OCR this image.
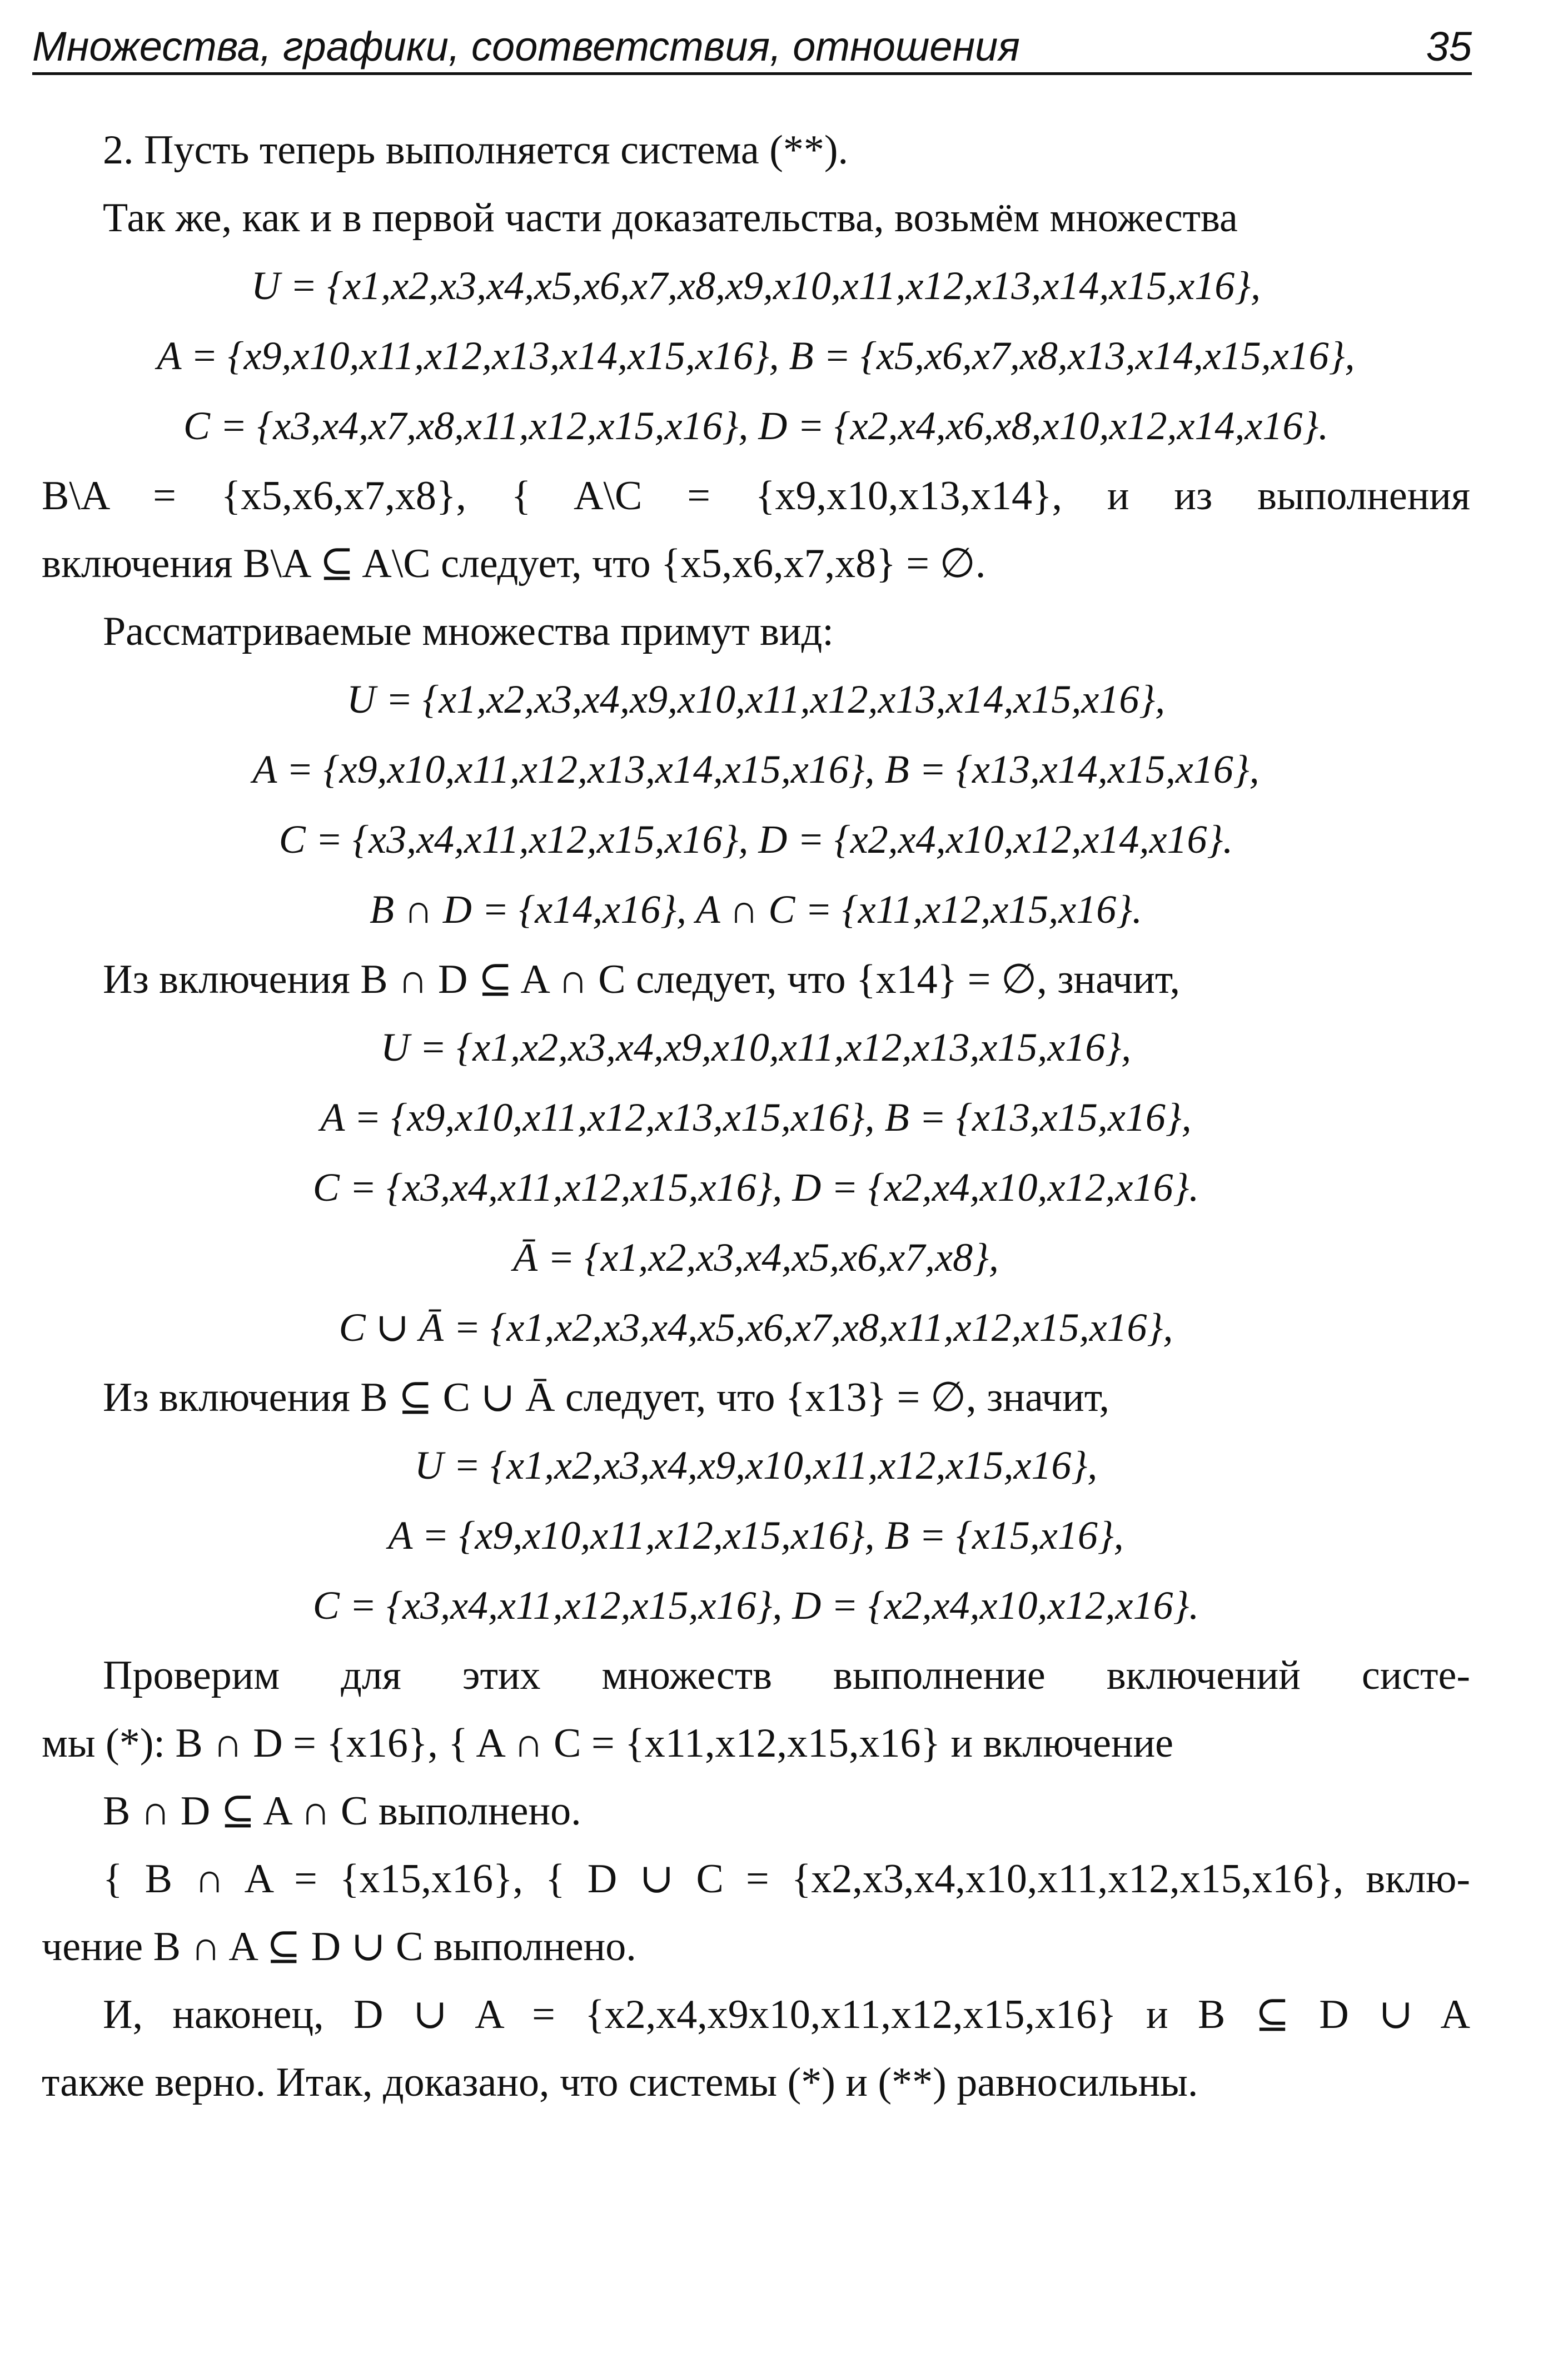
Множества, графики, соответствия, отношения	35
2. Пусть теперь выполняется система (**).
Так же, как и в первой части доказательства, возьмём множества
U = {x1,x2,x3,x4,x5,x6,x7,x8,x9,x10,x11,x12,x13,x14,x15,x16},
A = {x9,x10,x11,x12,x13,x14,x15,x16}, B = {x5,x6,x7,x8,x13,x14,x15,x16},
C = {x3,x4,x7,x8,x11,x12,x15,x16}, D = {x2,x4,x6,x8,x10,x12,x14,x16}.
B\A = {x5,x6,x7,x8}, { A\C = {x9,x10,x13,x14}, и из выполнения
включения B\A ⊆ A\C следует, что {x5,x6,x7,x8} = ∅.
Рассматриваемые множества примут вид:
U = {x1,x2,x3,x4,x9,x10,x11,x12,x13,x14,x15,x16},
A = {x9,x10,x11,x12,x13,x14,x15,x16}, B = {x13,x14,x15,x16},
C = {x3,x4,x11,x12,x15,x16}, D = {x2,x4,x10,x12,x14,x16}.
B ∩ D = {x14,x16}, A ∩ C = {x11,x12,x15,x16}.
Из включения B ∩ D ⊆ A ∩ C следует, что {x14} = ∅, значит,
U = {x1,x2,x3,x4,x9,x10,x11,x12,x13,x15,x16},
A = {x9,x10,x11,x12,x13,x15,x16}, B = {x13,x15,x16},
C = {x3,x4,x11,x12,x15,x16}, D = {x2,x4,x10,x12,x16}.
Ā = {x1,x2,x3,x4,x5,x6,x7,x8},
C ∪ Ā = {x1,x2,x3,x4,x5,x6,x7,x8,x11,x12,x15,x16},
Из включения B ⊆ C ∪ Ā следует, что {x13} = ∅, значит,
U = {x1,x2,x3,x4,x9,x10,x11,x12,x15,x16},
A = {x9,x10,x11,x12,x15,x16}, B = {x15,x16},
C = {x3,x4,x11,x12,x15,x16}, D = {x2,x4,x10,x12,x16}.
Проверим для этих множеств выполнение включений систе-
мы (*): B ∩ D = {x16}, { A ∩ C = {x11,x12,x15,x16} и включение
B ∩ D ⊆ A ∩ C выполнено.
{ B ∩ A = {x15,x16}, { D ∪ C = {x2,x3,x4,x10,x11,x12,x15,x16}, вклю-
чение B ∩ A ⊆ D ∪ C выполнено.
И, наконец, D ∪ A = {x2,x4,x9x10,x11,x12,x15,x16} и B ⊆ D ∪ A
также верно. Итак, доказано, что системы (*) и (**) равносильны.
